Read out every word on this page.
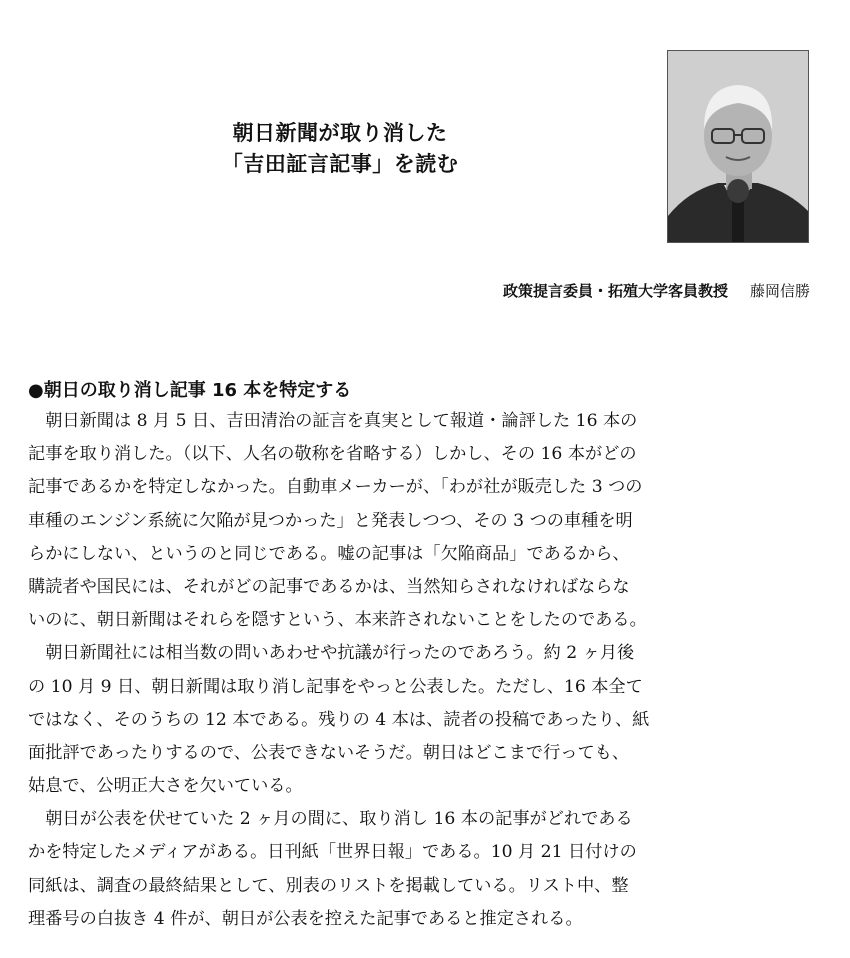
朝日新聞が取り消した
「吉田証言記事」を読む
政策提言委員・拓殖大学客員教授 藤岡信勝
●朝日の取り消し記事 16 本を特定する
　朝日新聞は 8 月 5 日、吉田清治の証言を真実として報道・論評した 16 本の
記事を取り消した。（以下、人名の敬称を省略する）しかし、その 16 本がどの
記事であるかを特定しなかった。自動車メーカーが、「わが社が販売した 3 つの
車種のエンジン系統に欠陥が見つかった」と発表しつつ、その 3 つの車種を明
らかにしない、というのと同じである。嘘の記事は「欠陥商品」であるから、
購読者や国民には、それがどの記事であるかは、当然知らされなければならな
いのに、朝日新聞はそれらを隠すという、本来許されないことをしたのである。
　朝日新聞社には相当数の問いあわせや抗議が行ったのであろう。約 2 ヶ月後
の 10 月 9 日、朝日新聞は取り消し記事をやっと公表した。ただし、16 本全て
ではなく、そのうちの 12 本である。残りの 4 本は、読者の投稿であったり、紙
面批評であったりするので、公表できないそうだ。朝日はどこまで行っても、
姑息で、公明正大さを欠いている。
　朝日が公表を伏せていた 2 ヶ月の間に、取り消し 16 本の記事がどれである
かを特定したメディアがある。日刊紙「世界日報」である。10 月 21 日付けの
同紙は、調査の最終結果として、別表のリストを掲載している。リスト中、整
理番号の白抜き 4 件が、朝日が公表を控えた記事であると推定される。
